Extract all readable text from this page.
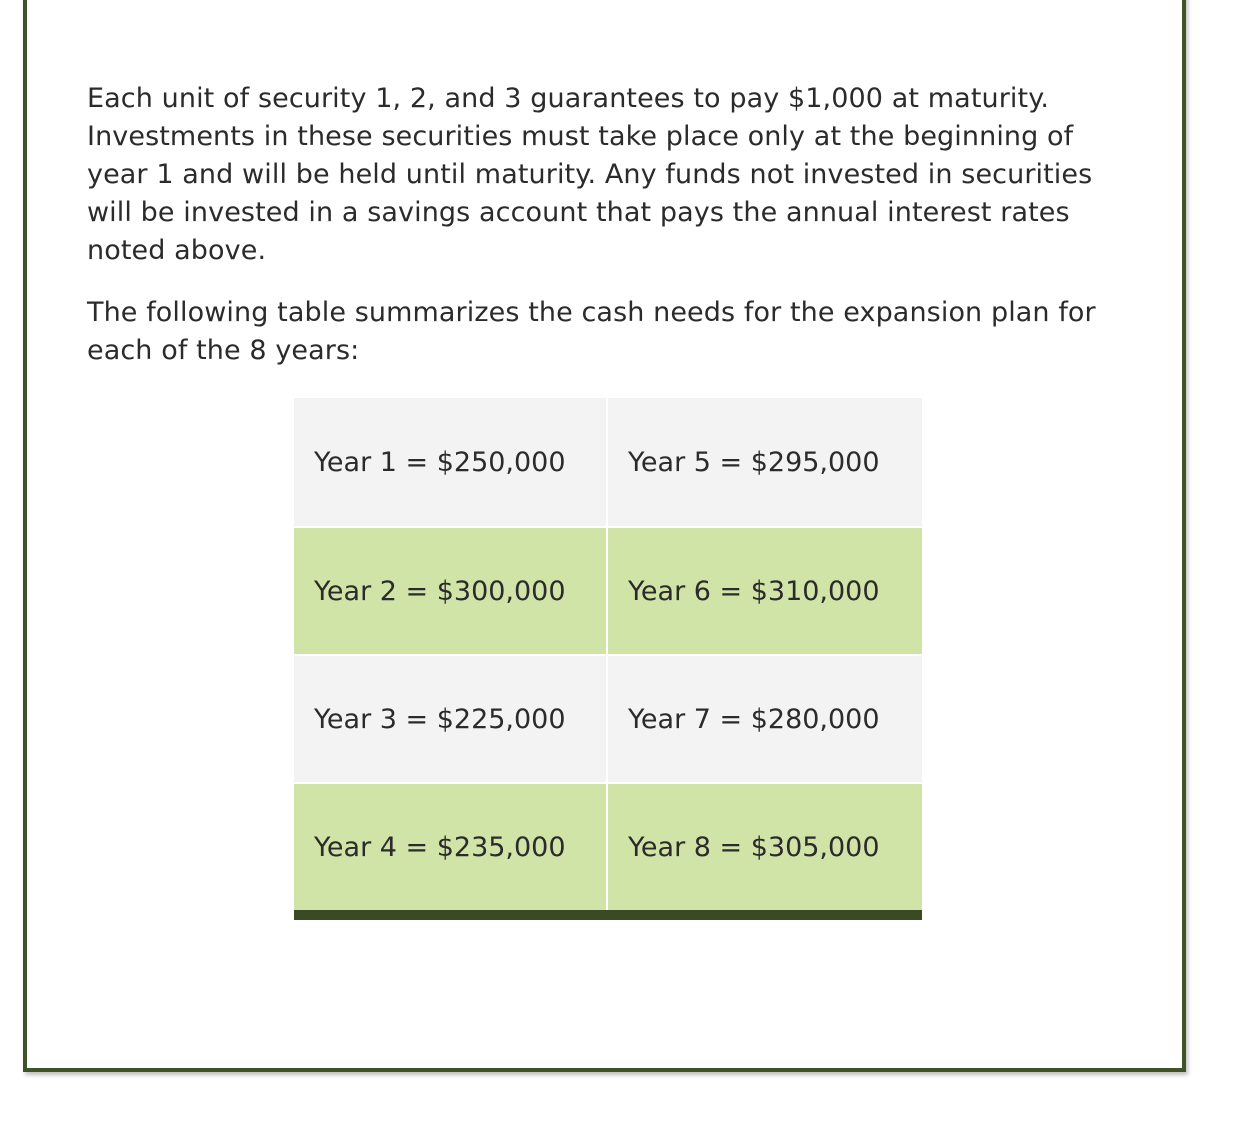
Each unit of security 1, 2, and 3 guarantees to pay $1,000 at maturity. Investments in these securities must take place only at the beginning of year 1 and will be held until maturity. Any funds not invested in securities will be invested in a savings account that pays the annual interest rates noted above.

The following table summarizes the cash needs for the expansion plan for each of the 8 years:

Year 1 = $250,000	Year 5 = $295,000
Year 2 = $300,000	Year 6 = $310,000
Year 3 = $225,000	Year 7 = $280,000
Year 4 = $235,000	Year 8 = $305,000
